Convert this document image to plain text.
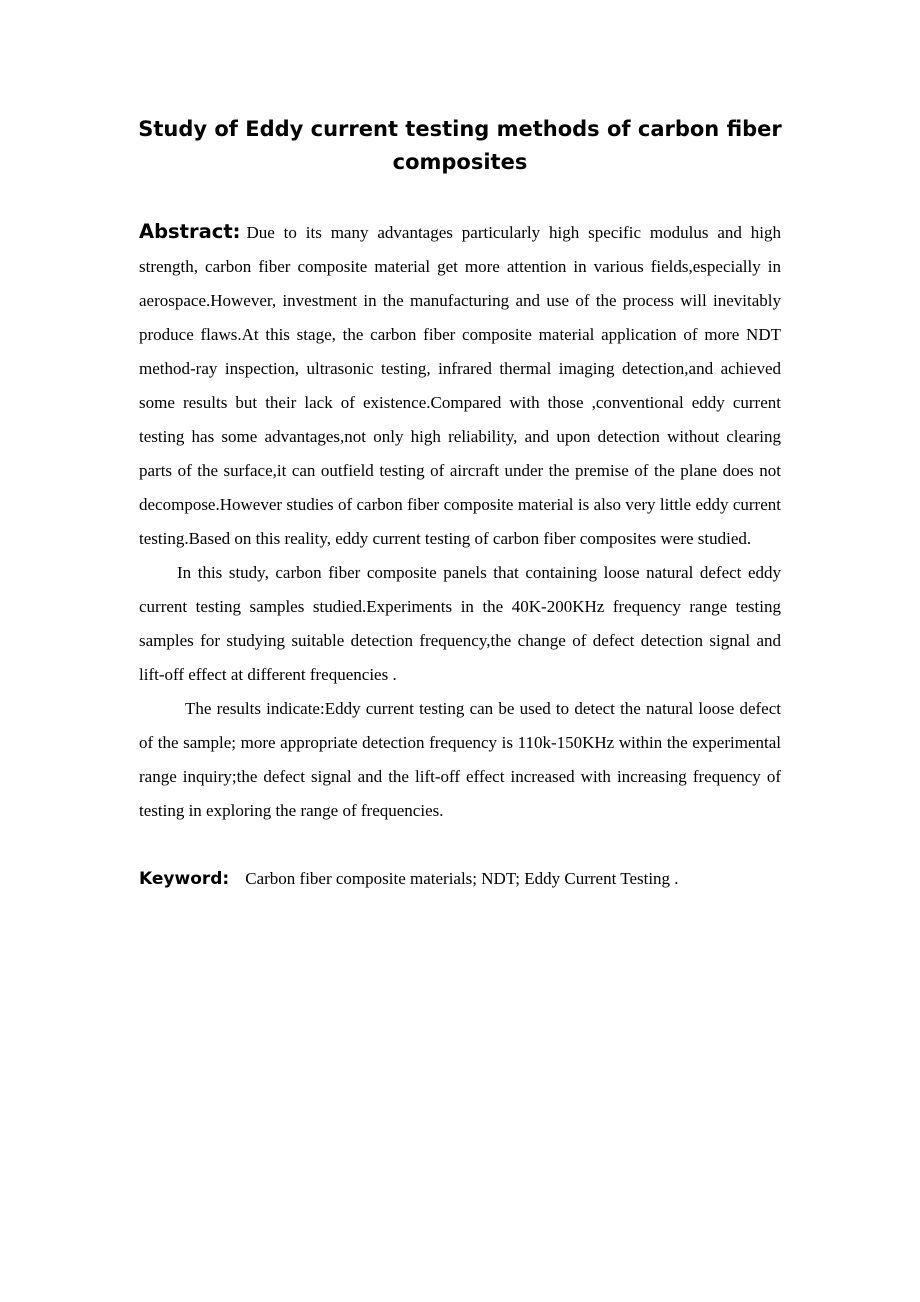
Study of Eddy current testing methods of carbon fiber composites

Abstract: Due to its many advantages particularly high specific modulus and high strength, carbon fiber composite material get more attention in various fields,especially in aerospace.However, investment in the manufacturing and use of the process will inevitably produce flaws.At this stage, the carbon fiber composite material application of more NDT method-ray inspection, ultrasonic testing, infrared thermal imaging detection,and achieved some results but their lack of existence.Compared with those ,conventional eddy current testing has some advantages,not only high reliability, and upon detection without clearing parts of the surface,it can outfield testing of aircraft under the premise of the plane does not decompose.However studies of carbon fiber composite material is also very little eddy current testing.Based on this reality, eddy current testing of carbon fiber composites were studied.

In this study, carbon fiber composite panels that containing loose natural defect eddy current testing samples studied.Experiments in the 40K-200KHz frequency range testing samples for studying suitable detection frequency,the change of defect detection signal and lift-off effect at different frequencies .

The results indicate:Eddy current testing can be used to detect the natural loose defect of the sample; more appropriate detection frequency is 110k-150KHz within the experimental range inquiry;the defect signal and the lift-off effect increased with increasing frequency of testing in exploring the range of frequencies.

Keyword: Carbon fiber composite materials; NDT; Eddy Current Testing .
